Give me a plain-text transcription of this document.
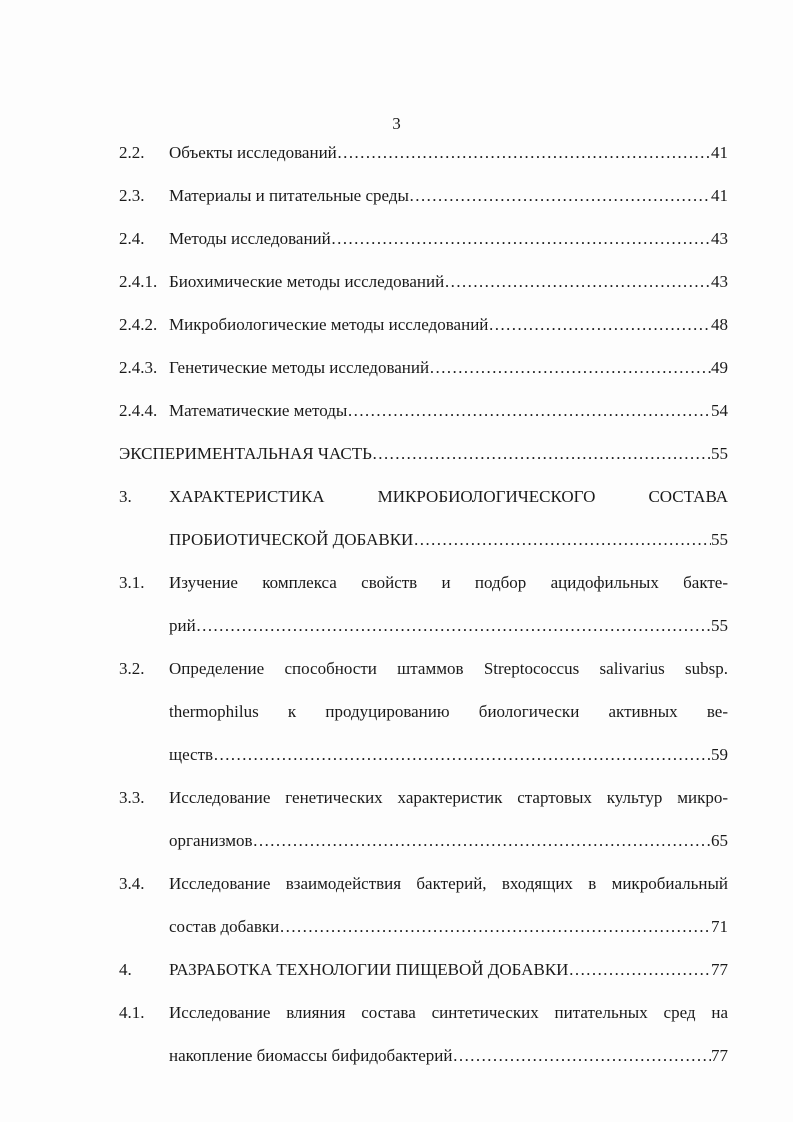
3
2.2.	Объекты исследований ……………………………………………………………………………………………………………………………………………………	41
2.3.	Материалы и питательные среды ……………………………………………………………………………………………………………………………………………………	41
2.4.	Методы исследований ……………………………………………………………………………………………………………………………………………………	43
2.4.1. Биохимические методы исследований ……………………………………………………………………………………………………………………………………………………	43
2.4.2. Микробиологические методы исследований ……………………………………………………………………………………………………………………………………………………	48
2.4.3. Генетические методы исследований ……………………………………………………………………………………………………………………………………………………	49
2.4.4. Математические методы ……………………………………………………………………………………………………………………………………………………	54
ЭКСПЕРИМЕНТАЛЬНАЯ ЧАСТЬ ……………………………………………………………………………………………………………………………………………………	55
3.	ХАРАКТЕРИСТИКА МИКРОБИОЛОГИЧЕСКОГО СОСТАВА
ПРОБИОТИЧЕСКОЙ ДОБАВКИ ……………………………………………………………………………………………………………………………………………………	55
3.1.	Изучение комплекса свойств и подбор ацидофильных бакте-
рий ……………………………………………………………………………………………………………………………………………………	55
3.2.	Определение способности штаммов Streptococcus salivarius subsp.
thermophilus к продуцированию биологически активных ве-
ществ ……………………………………………………………………………………………………………………………………………………	59
3.3.	Исследование генетических характеристик стартовых культур микро-
организмов ……………………………………………………………………………………………………………………………………………………	65
3.4.	Исследование взаимодействия бактерий, входящих в микробиальный
состав добавки ……………………………………………………………………………………………………………………………………………………	71
4.	РАЗРАБОТКА ТЕХНОЛОГИИ ПИЩЕВОЙ ДОБАВКИ ……………………………………………………………………………………………………………………………………………………	77
4.1.	Исследование влияния состава синтетических питательных сред на
накопление биомассы бифидобактерий ……………………………………………………………………………………………………………………………………………………	77
